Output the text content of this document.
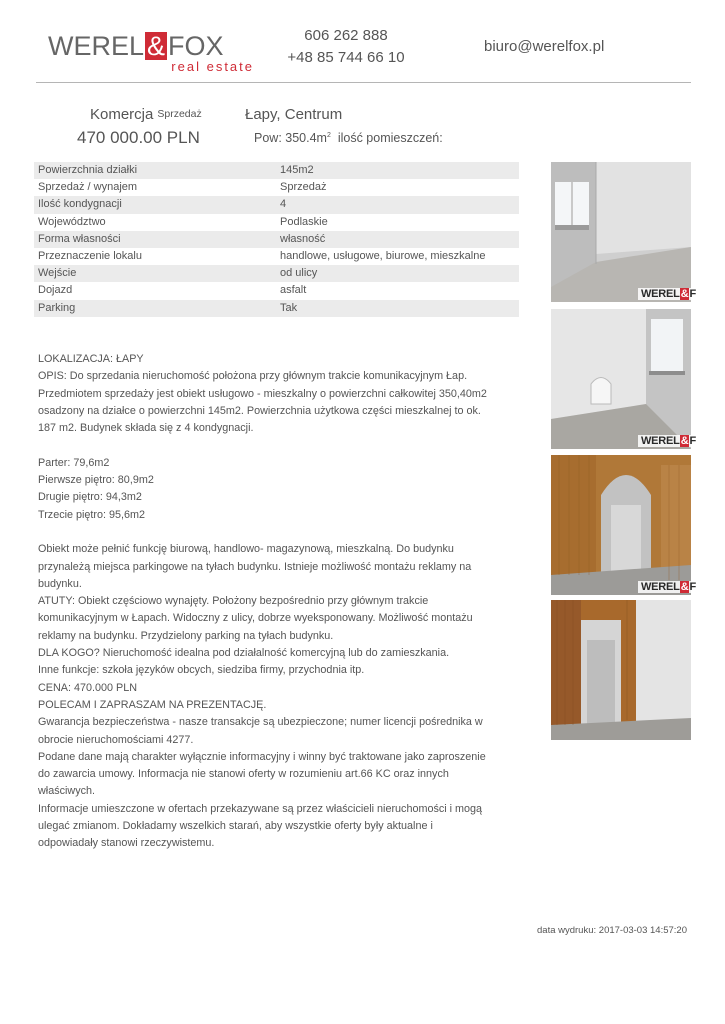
WEREL & FOX
real estate
606 262 888
+48 85 744 66 10
biuro@werelfox.pl
Komercja Sprzedaż
470 000.00 PLN
Łapy, Centrum
Pow: $350.4m^2$ ilość pomieszczeń:
Powierzchnia działki	145m2
Sprzedaż / wynajem	Sprzedaż
Ilość kondygnacji	4
Województwo	Podlaskie
Forma własności	własność
Przeznaczenie lokalu	handlowe, usługowe, biurowe, mieszkalne
Wejście	od ulicy
Dojazd	asfalt
Parking	Tak

LOKALIZACJA: ŁAPY

OPIS: Do sprzedania nieruchomość położona przy głównym trakcie komunikacyjnym Łap. Przedmiotem sprzedaży jest obiekt usługowo - mieszkalny o powierzchni całkowitej 350,40m2 osadzony na działce o powierzchni 145m2. Powierzchnia użytkowa części mieszkalnej to ok. 187 m2. Budynek składa się z 4 kondygnacji.

Parter: 79,6m2

Pierwsze piętro: 80,9m2

Drugie piętro: 94,3m2

Trzecie piętro: 95,6m2

Obiekt może pełnić funkcję biurową, handlowo- magazynową, mieszkalną. Do budynku przynależą miejsca parkingowe na tyłach budynku. Istnieje możliwość montażu reklamy na budynku.

ATUTY: Obiekt częściowo wynajęty. Położony bezpośrednio przy głównym trakcie komunikacyjnym w Łapach. Widoczny z ulicy, dobrze wyeksponowany. Możliwość montażu reklamy na budynku. Przydzielony parking na tyłach budynku.

DLA KOGO? Nieruchomość idealna pod działalność komercyjną lub do zamieszkania.

Inne funkcje: szkoła języków obcych, siedziba firmy, przychodnia itp.

CENA: 470.000 PLN

POLECAM I ZAPRASZAM NA PREZENTACJĘ.

Gwarancja bezpieczeństwa - nasze transakcje są ubezpieczone; numer licencji pośrednika w obrocie nieruchomościami 4277.

Podane dane mają charakter wyłącznie informacyjny i winny być traktowane jako zaproszenie do zawarcia umowy. Informacja nie stanowi oferty w rozumieniu art.66 KC oraz innych właściwych.

Informacje umieszczone w ofertach przekazywane są przez właścicieli nieruchomości i mogą ulegać zmianom. Dokładamy wszelkich starań, aby wszystkie oferty były aktualne i odpowiadały stanowi rzeczywistemu.

WEREL&F
WEREL&F
WEREL&F
data wydruku: 2017-03-03 14:57:20
